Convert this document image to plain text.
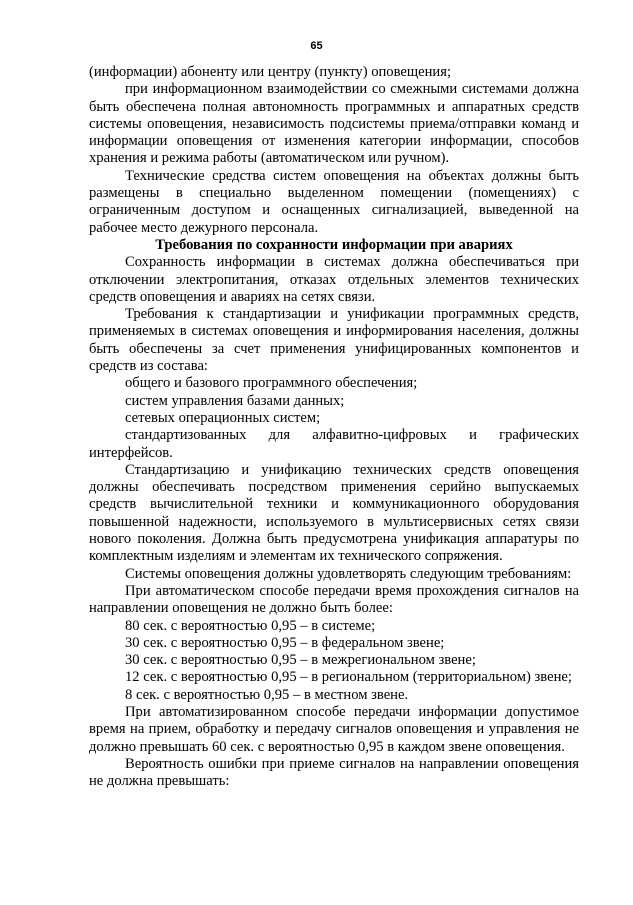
65

(информации) абоненту или центру (пункту) оповещения;

при информационном взаимодействии со смежными системами должна быть обеспечена полная автономность программных и аппаратных средств системы оповещения, независимость подсистемы приема/отправки команд и информации оповещения от изменения категории информации, способов хранения и режима работы (автоматическом или ручном).

Технические средства систем оповещения на объектах должны быть размещены в специально выделенном помещении (помещениях) с ограниченным доступом и оснащенных сигнализацией, выведенной на рабочее место дежурного персонала.

Требования по сохранности информации при авариях

Сохранность информации в системах должна обеспечиваться при отключении электропитания, отказах отдельных элементов технических средств оповещения и авариях на сетях связи.

Требования к стандартизации и унификации программных средств, применяемых в системах оповещения и информирования населения, должны быть обеспечены за счет применения унифицированных компонентов и средств из состава:

общего и базового программного обеспечения;

систем управления базами данных;

сетевых операционных систем;

стандартизованных для алфавитно-цифровых и графических интерфейсов.

Стандартизацию и унификацию технических средств оповещения должны обеспечивать посредством применения серийно выпускаемых средств вычислительной техники и коммуникационного оборудования повышенной надежности, используемого в мультисервисных сетях связи нового поколения. Должна быть предусмотрена унификация аппаратуры по комплектным изделиям и элементам их технического сопряжения.

Системы оповещения должны удовлетворять следующим требованиям:

При автоматическом способе передачи время прохождения сигналов на направлении оповещения не должно быть более:

80 сек. с вероятностью 0,95 – в системе;

30 сек. с вероятностью 0,95 – в федеральном звене;

30 сек. с вероятностью 0,95 – в межрегиональном звене;

12 сек. с вероятностью 0,95 – в региональном (территориальном) звене;

8 сек. с вероятностью 0,95 – в местном звене.

При автоматизированном способе передачи информации допустимое время на прием, обработку и передачу сигналов оповещения и управления не должно превышать 60 сек. с вероятностью 0,95 в каждом звене оповещения.

Вероятность ошибки при приеме сигналов на направлении оповещения не должна превышать:
